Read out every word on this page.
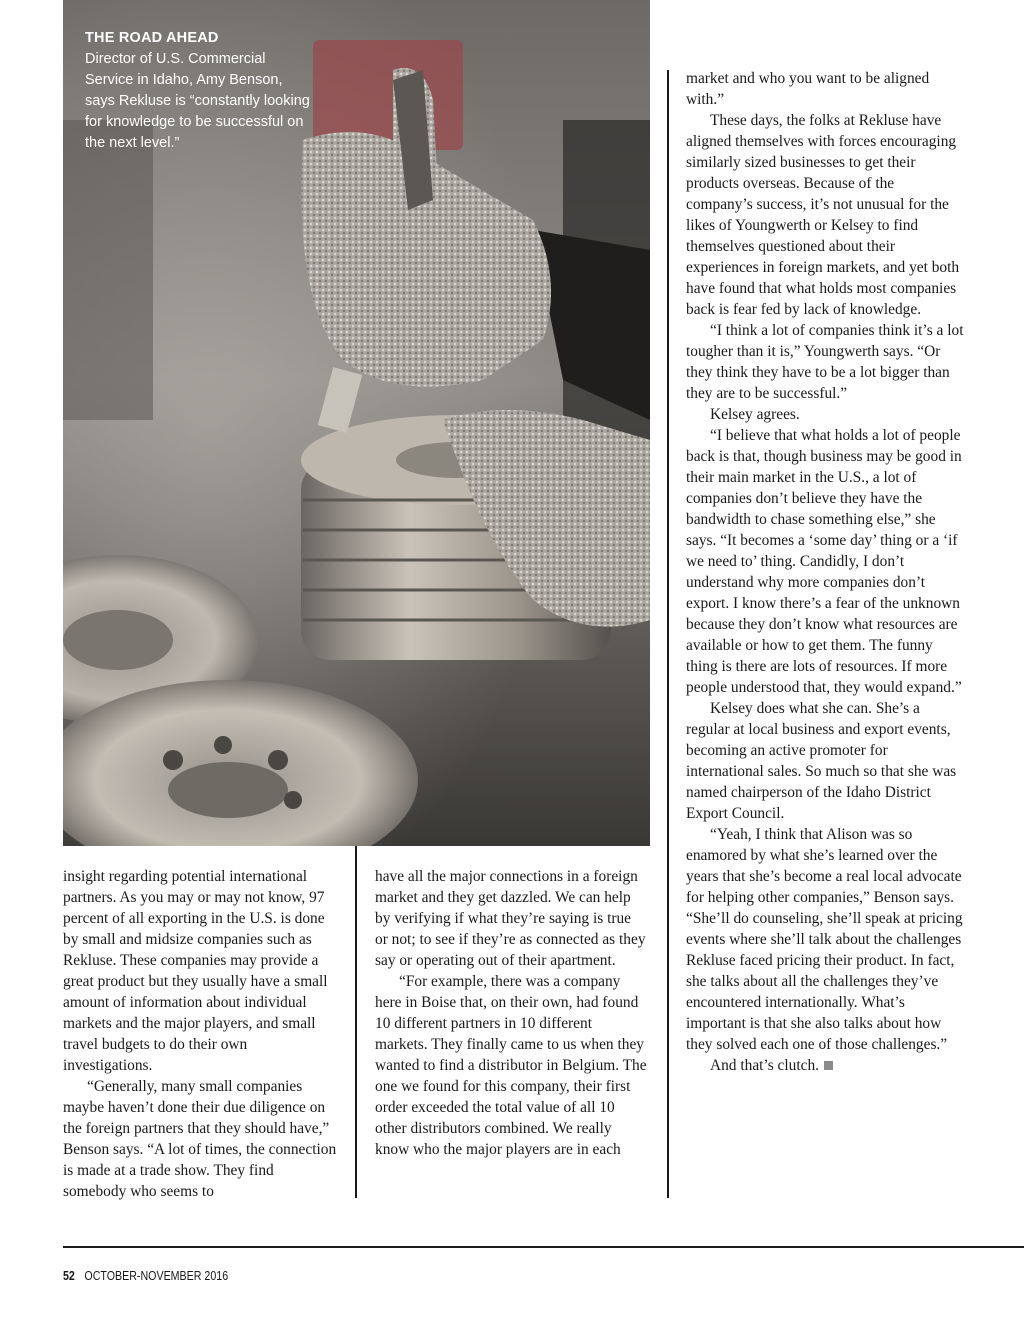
THE ROAD AHEAD
Director of U.S. Commercial Service in Idaho, Amy Benson, says Rekluse is “constantly looking for knowledge to be successful on the next level.”

insight regarding potential international partners. As you may or may not know, 97 percent of all exporting in the U.S. is done by small and midsize companies such as Rekluse. These companies may provide a great product but they usually have a small amount of information about individual markets and the major players, and small travel budgets to do their own investigations.

“Generally, many small companies maybe haven’t done their due diligence on the foreign partners that they should have,” Benson says. “A lot of times, the connection is made at a trade show. They find somebody who seems to

have all the major connections in a foreign market and they get dazzled. We can help by verifying if what they’re saying is true or not; to see if they’re as connected as they say or operating out of their apartment.

“For example, there was a company here in Boise that, on their own, had found 10 different partners in 10 different markets. They finally came to us when they wanted to find a distributor in Belgium. The one we found for this company, their first order exceeded the total value of all 10 other distributors combined. We really know who the major players are in each

market and who you want to be aligned with.”

These days, the folks at Rekluse have aligned themselves with forces encouraging similarly sized businesses to get their products overseas. Because of the company’s success, it’s not unusual for the likes of Youngwerth or Kelsey to find themselves questioned about their experiences in foreign markets, and yet both have found that what holds most companies back is fear fed by lack of knowledge.

“I think a lot of companies think it’s a lot tougher than it is,” Youngwerth says. “Or they think they have to be a lot bigger than they are to be successful.”

Kelsey agrees.

“I believe that what holds a lot of people back is that, though business may be good in their main market in the U.S., a lot of companies don’t believe they have the bandwidth to chase something else,” she says. “It becomes a ‘some day’ thing or a ‘if we need to’ thing. Candidly, I don’t understand why more companies don’t export. I know there’s a fear of the unknown because they don’t know what resources are available or how to get them. The funny thing is there are lots of resources. If more people understood that, they would expand.”

Kelsey does what she can. She’s a regular at local business and export events, becoming an active promoter for international sales. So much so that she was named chairperson of the Idaho District Export Council.

“Yeah, I think that Alison was so enamored by what she’s learned over the years that she’s become a real local advocate for helping other companies,” Benson says. “She’ll do counseling, she’ll speak at pricing events where she’ll talk about the challenges Rekluse faced pricing their product. In fact, she talks about all the challenges they’ve encountered internationally. What’s important is that she also talks about how they solved each one of those challenges.”

And that’s clutch.

52 OCTOBER-NOVEMBER 2016
